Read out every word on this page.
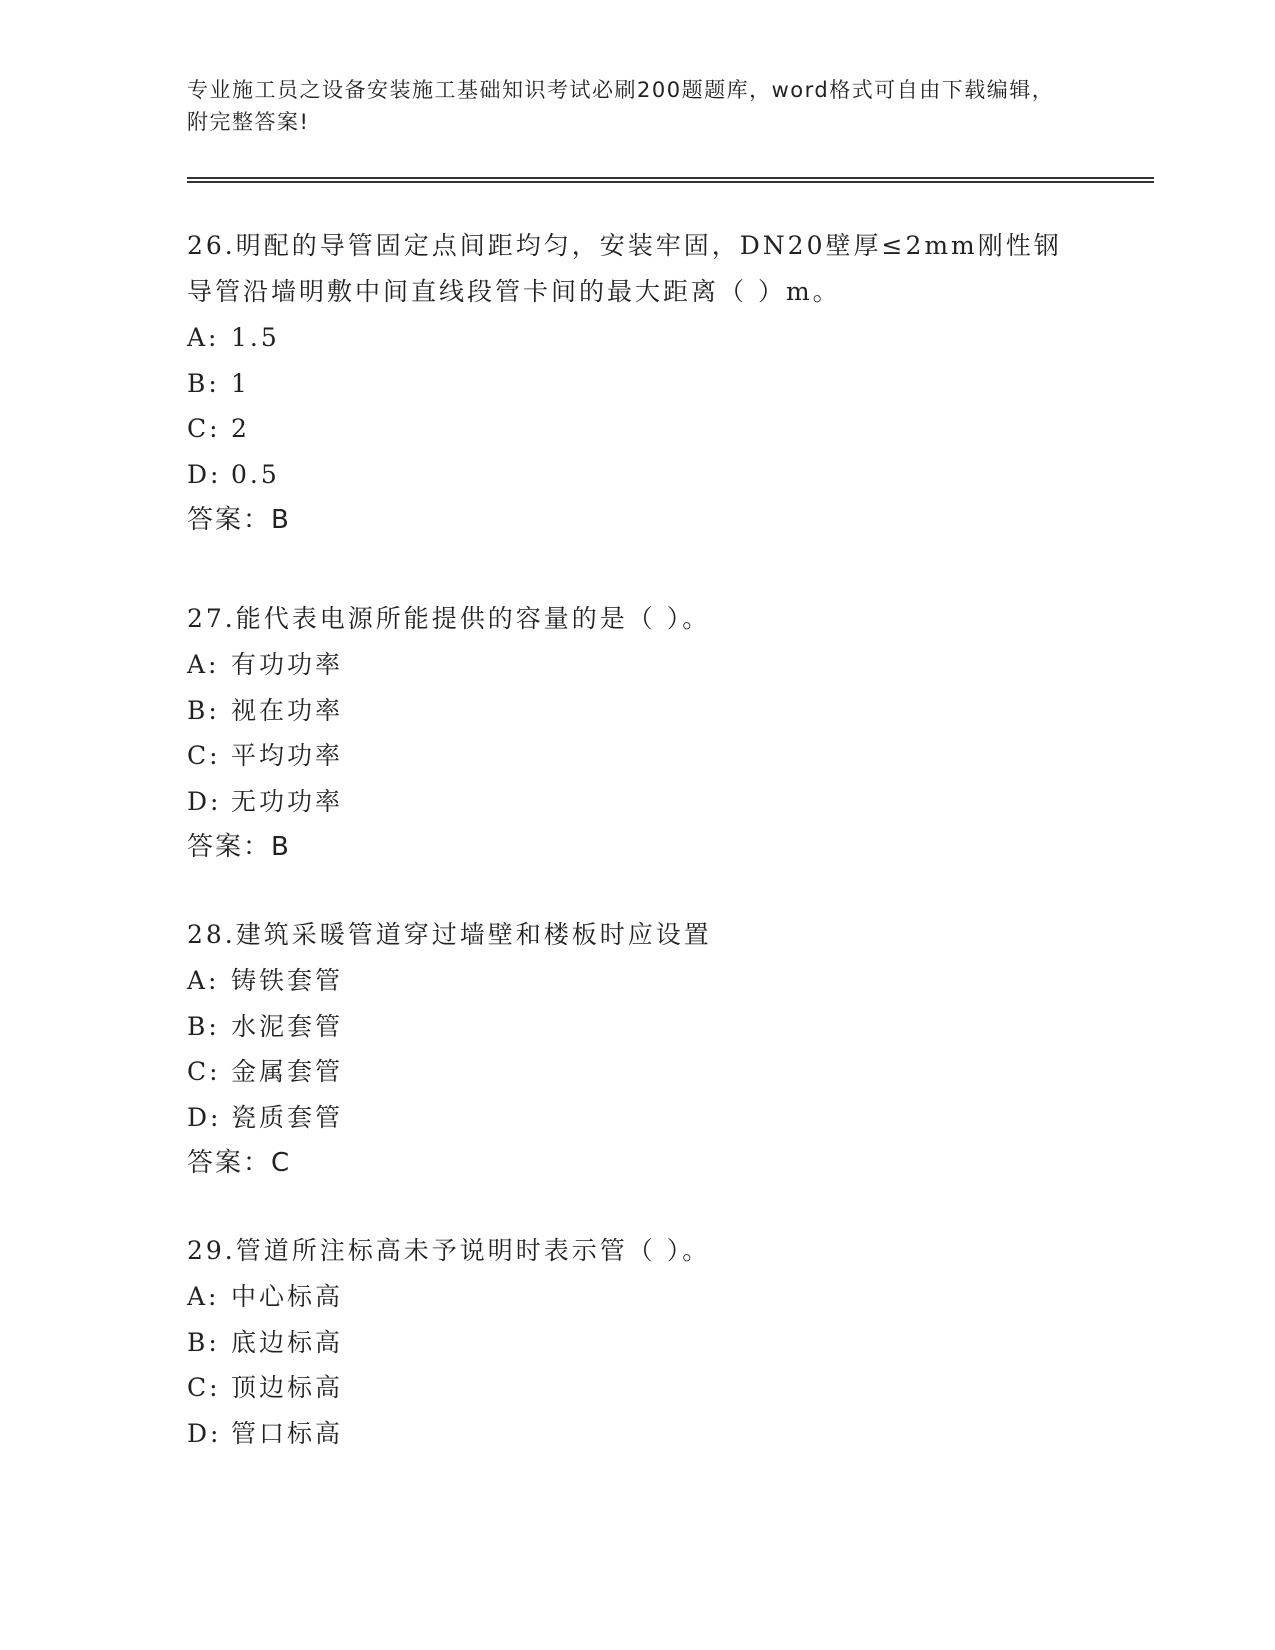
专业施工员之设备安装施工基础知识考试必刷200题题库，word格式可自由下载编辑，附完整答案!

26.明配的导管固定点间距均匀，安装牢固，DN20壁厚≤2mm刚性钢导管沿墙明敷中间直线段管卡间的最大距离（ ）m。

A: 1.5

B: 1

C: 2

D: 0.5

答案：B

27.能代表电源所能提供的容量的是（ ）。

A: 有功功率

B: 视在功率

C: 平均功率

D: 无功功率

答案：B

28.建筑采暖管道穿过墙壁和楼板时应设置

A: 铸铁套管

B: 水泥套管

C: 金属套管

D: 瓷质套管

答案：C

29.管道所注标高未予说明时表示管（ ）。

A: 中心标高

B: 底边标高

C: 顶边标高

D: 管口标高
